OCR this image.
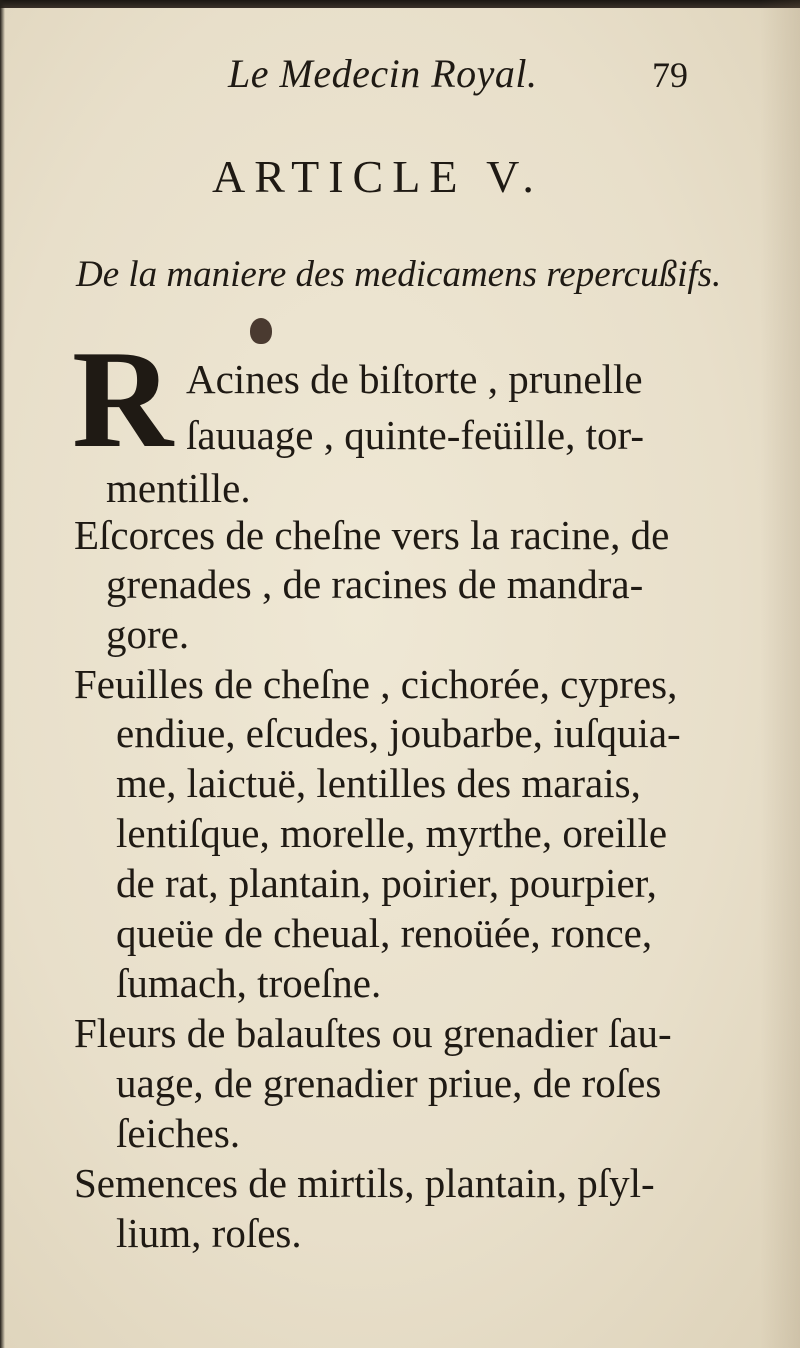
Le Medecin Royal.	79
ARTICLE V.
De la maniere des medicamens repercußifs.
R Acines de biſtorte , prunelle
ſauuage , quinte-feüille, tor-
mentille.
Eſcorces de cheſne vers la racine, de
grenades , de racines de mandra-
gore.
Feuilles de cheſne , cichorée, cypres,
endiue, eſcudes, joubarbe, iuſquia-
me, laictuë, lentilles des marais,
lentiſque, morelle, myrthe, oreille
de rat, plantain, poirier, pourpier,
queüe de cheual, renoüée, ronce,
ſumach, troeſne.
Fleurs de balauſtes ou grenadier ſau-
uage, de grenadier priue, de roſes
ſeiches.
Semences de mirtils, plantain, pſyl-
lium, roſes.
